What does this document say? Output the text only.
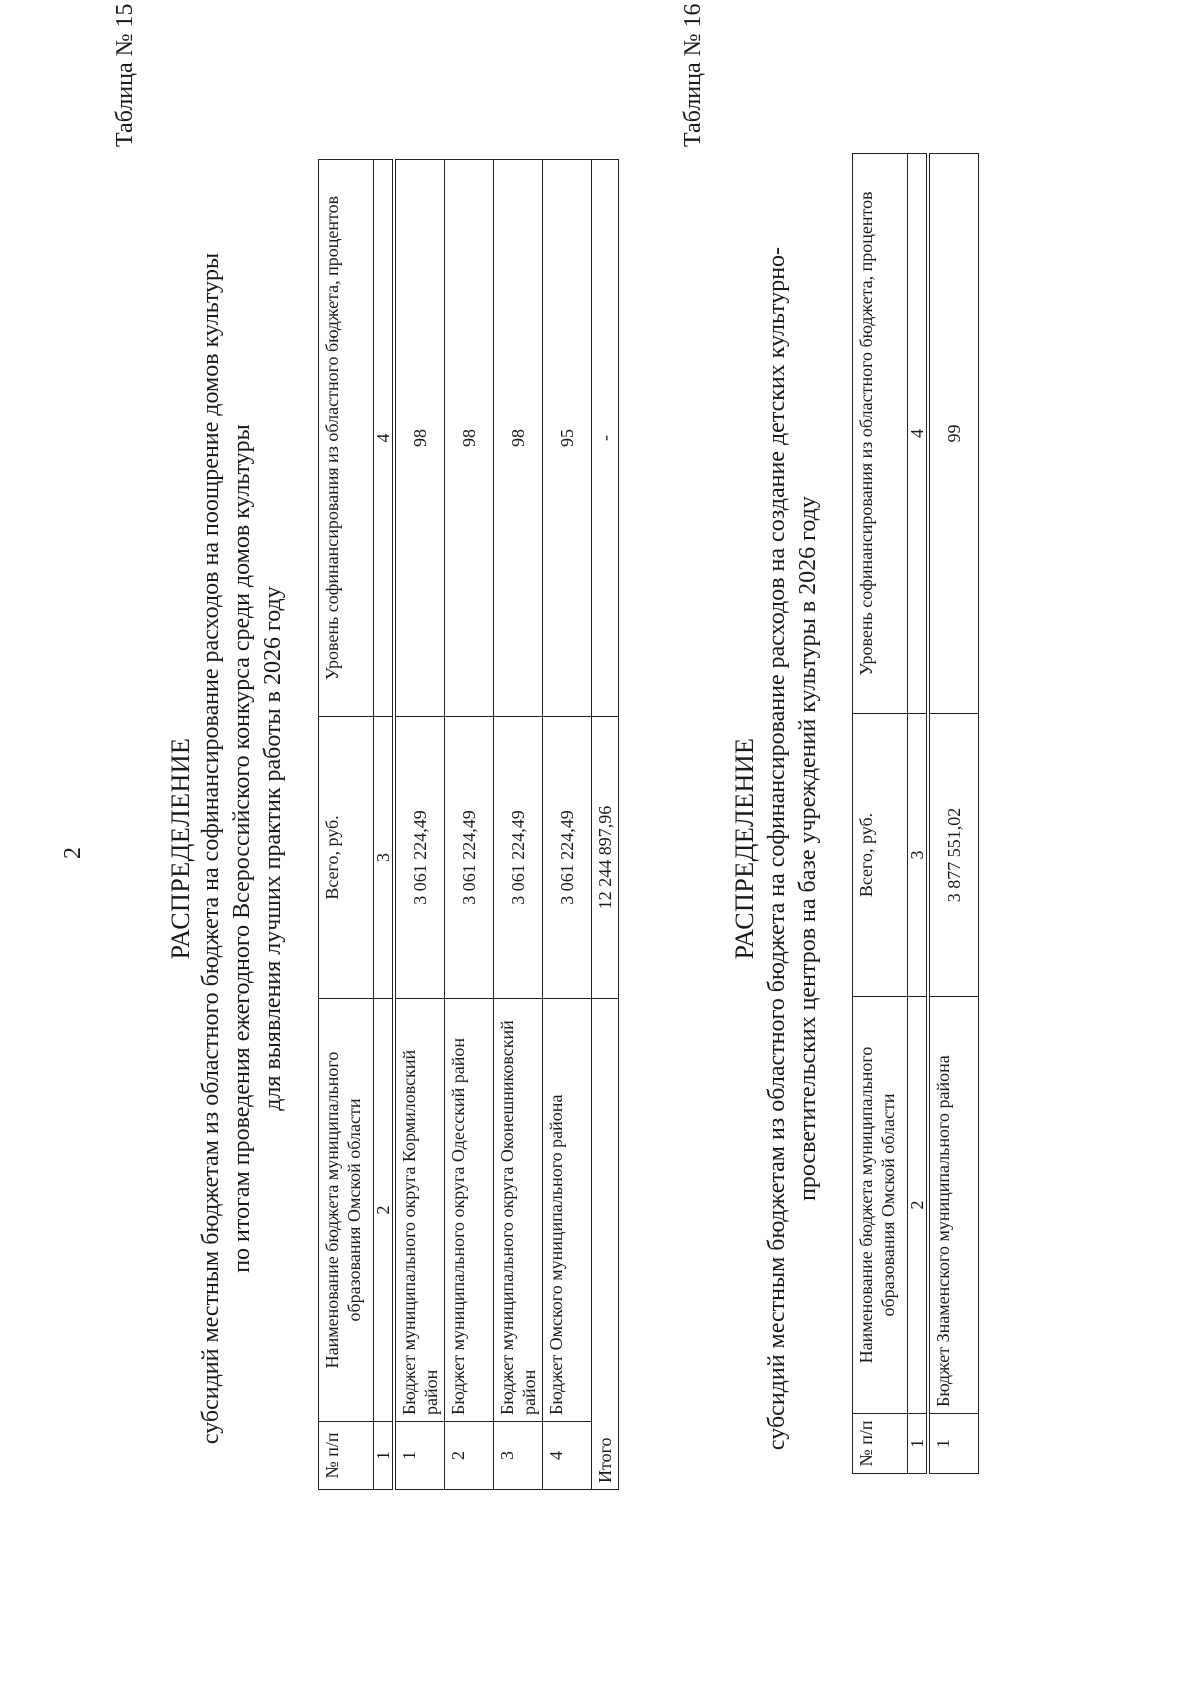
2
Таблица № 15
РАСПРЕДЕЛЕНИЕ субсидий местным бюджетам из областного бюджета на софинансирование расходов на поощрение домов культуры по итогам проведения ежегодного Всероссийского конкурса среди домов культуры для выявления лучших практик работы в 2026 году
№ п/п	Наименование бюджета муниципального образования Омской области	Всего, руб.	Уровень софинансирования из областного бюджета, процентов
1	2	3	4
1	Бюджет муниципального округа Кормиловский район	3 061 224,49	98
2	Бюджет муниципального округа Одесский район	3 061 224,49	98
3	Бюджет муниципального округа Оконешниковский район	3 061 224,49	98
4	Бюджет Омского муниципального района	3 061 224,49	95
Итого		12 244 897,96	-
Таблица № 16
РАСПРЕДЕЛЕНИЕ субсидий местным бюджетам из областного бюджета на софинансирование расходов на создание детских культурно- просветительских центров на базе учреждений культуры в 2026 году
№ п/п	Наименование бюджета муниципального образования Омской области	Всего, руб.	Уровень софинансирования из областного бюджета, процентов
1	2	3	4
1	Бюджет Знаменского муниципального района	3 877 551,02	99
